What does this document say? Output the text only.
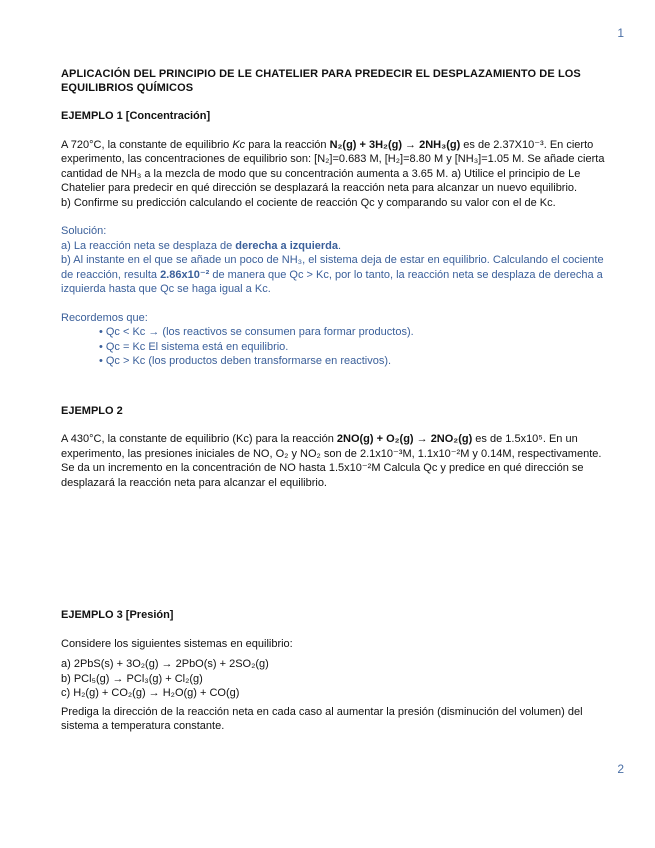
1
APLICACIÓN DEL PRINCIPIO DE LE CHATELIER PARA PREDECIR EL DESPLAZAMIENTO DE LOS EQUILIBRIOS QUÍMICOS
EJEMPLO 1 [Concentración]

A 720°C, la constante de equilibrio Kc para la reacción N₂(g) + 3H₂(g) → 2NH₃(g) es de 2.37X10⁻³. En cierto experimento, las concentraciones de equilibrio son: [N₂]=0.683 M, [H₂]=8.80 M y [NH₃]=1.05 M. Se añade cierta cantidad de NH₃ a la mezcla de modo que su concentración aumenta a 3.65 M. a) Utilice el principio de Le Chatelier para predecir en qué dirección se desplazará la reacción neta para alcanzar un nuevo equilibrio.

b) Confirme su predicción calculando el cociente de reacción Qc y comparando su valor con el de Kc.

Solución:

a) La reacción neta se desplaza de derecha a izquierda.

b) Al instante en el que se añade un poco de NH₃, el sistema deja de estar en equilibrio. Calculando el cociente de reacción, resulta 2.86x10⁻² de manera que Qc > Kc, por lo tanto, la reacción neta se desplaza de derecha a izquierda hasta que Qc se haga igual a Kc.

Recordemos que:

• Qc < Kc → (los reactivos se consumen para formar productos).
• Qc = Kc El sistema está en equilibrio.
• Qc > Kc (los productos deben transformarse en reactivos).
EJEMPLO 2

A 430°C, la constante de equilibrio (Kc) para la reacción 2NO(g) + O₂(g) → 2NO₂(g) es de 1.5x10⁵. En un experimento, las presiones iniciales de NO, O₂ y NO₂ son de 2.1x10⁻³M, 1.1x10⁻²M y 0.14M, respectivamente. Se da un incremento en la concentración de NO hasta 1.5x10⁻²M Calcula Qc y predice en qué dirección se desplazará la reacción neta para alcanzar el equilibrio.

EJEMPLO 3 [Presión]

Considere los siguientes sistemas en equilibrio:

a) 2PbS(s) + 3O₂(g) → 2PbO(s) + 2SO₂(g)

b) PCl₅(g) → PCl₃(g) + Cl₂(g)

c) H₂(g) + CO₂(g) → H₂O(g) + CO(g)

Prediga la dirección de la reacción neta en cada caso al aumentar la presión (disminución del volumen) del sistema a temperatura constante.

2
